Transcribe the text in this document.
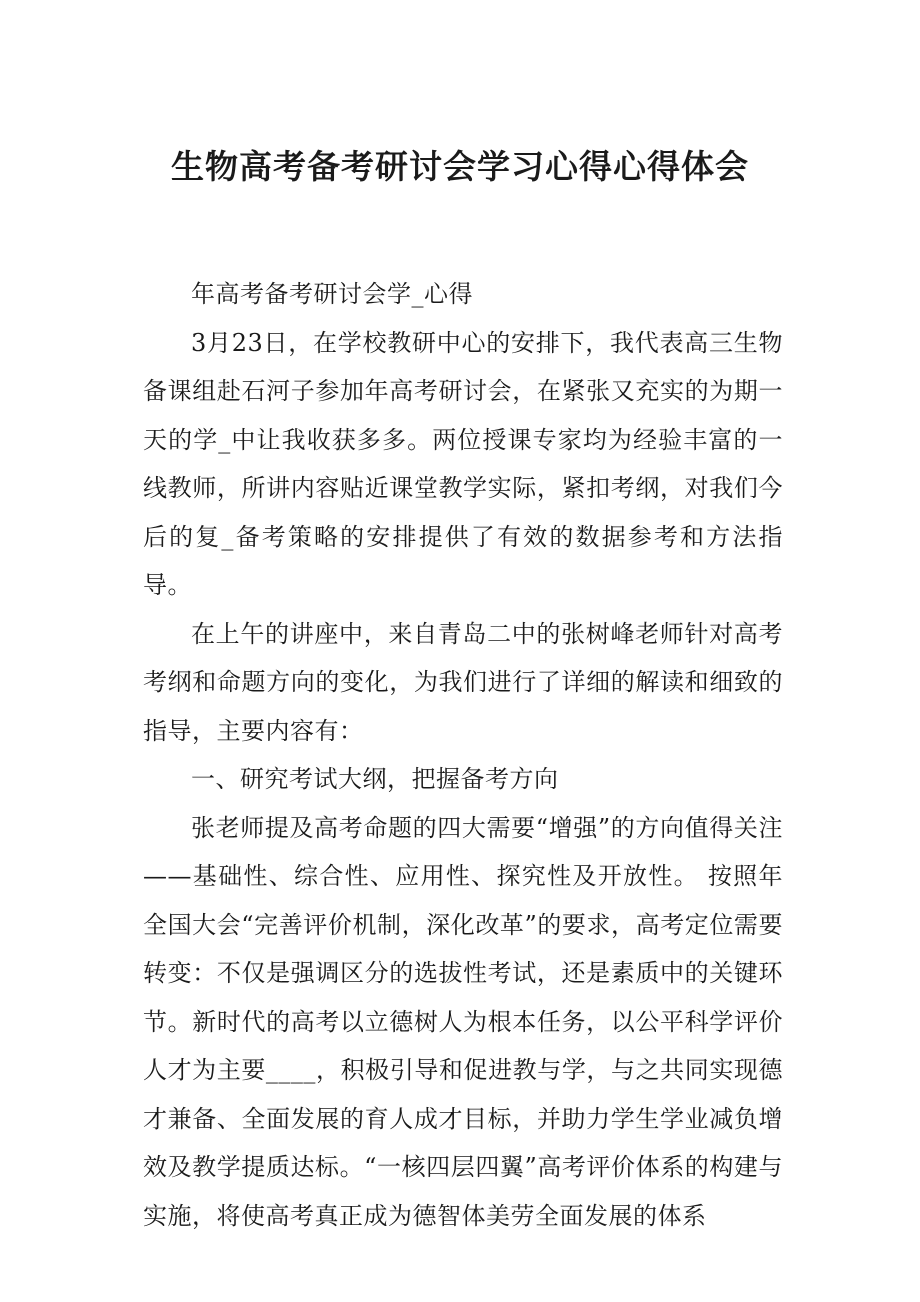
生物高考备考研讨会学习心得心得体会

年高考备考研讨会学_心得

3月23日，在学校教研中心的安排下，我代表高三生物备课组赴石河子参加年高考研讨会，在紧张又充实的为期一天的学_中让我收获多多。两位授课专家均为经验丰富的一线教师，所讲内容贴近课堂教学实际，紧扣考纲，对我们今后的复_备考策略的安排提供了有效的数据参考和方法指导。

在上午的讲座中，来自青岛二中的张树峰老师针对高考考纲和命题方向的变化，为我们进行了详细的解读和细致的指导，主要内容有：

一、研究考试大纲，把握备考方向

张老师提及高考命题的四大需要“增强”的方向值得关注——基础性、综合性、应用性、探究性及开放性。 按照年全国大会“完善评价机制，深化改革”的要求，高考定位需要转变：不仅是强调区分的选拔性考试，还是素质中的关键环节。新时代的高考以立德树人为根本任务，以公平科学评价人才为主要____，积极引导和促进教与学，与之共同实现德才兼备、全面发展的育人成才目标，并助力学生学业减负增效及教学提质达标。“一核四层四翼”高考评价体系的构建与实施，将使高考真正成为德智体美劳全面发展的体系
